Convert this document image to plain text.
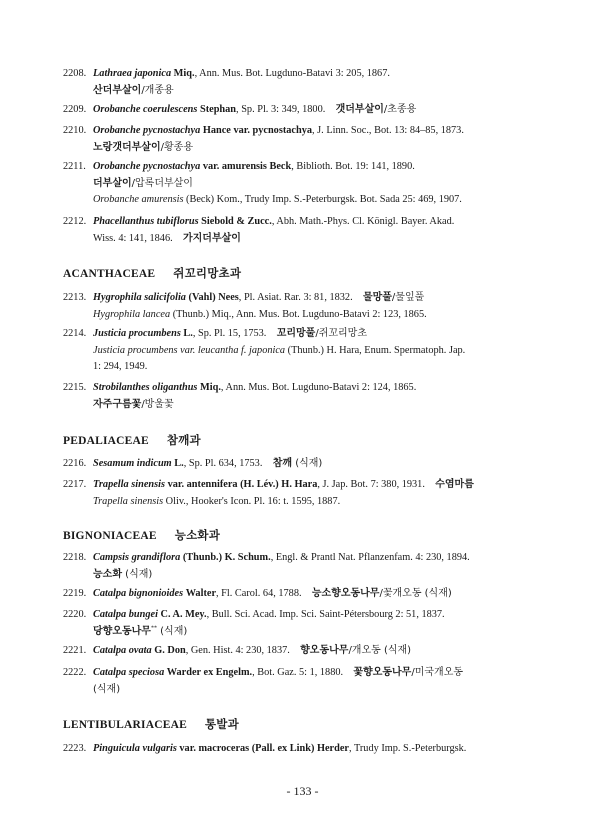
2208. Lathraea japonica Miq., Ann. Mus. Bot. Lugduno-Batavi 3: 205, 1867.
산더부살이/개종용
2209. Orobanche coerulescens Stephan, Sp. Pl. 3: 349, 1800. 갯더부살이/초종용
2210. Orobanche pycnostachya Hance var. pycnostachya, J. Linn. Soc., Bot. 13: 84–85, 1873.
노랑갯더부살이/황종용
2211. Orobanche pycnostachya var. amurensis Beck, Biblioth. Bot. 19: 141, 1890.
더부살이/압록더부살이
Orobanche amurensis (Beck) Kom., Trudy Imp. S.-Peterburgsk. Bot. Sada 25: 469, 1907.
2212. Phacellanthus tubiflorus Siebold & Zucc., Abh. Math.-Phys. Cl. Königl. Bayer. Akad.
Wiss. 4: 141, 1846. 가지더부살이
ACANTHACEAE 쥐꼬리망초과
2213. Hygrophila salicifolia (Vahl) Nees, Pl. Asiat. Rar. 3: 81, 1832. 물망풀/물잎풀
Hygrophila lancea (Thunb.) Miq., Ann. Mus. Bot. Lugduno-Batavi 2: 123, 1865.
2214. Justicia procumbens L., Sp. Pl. 15, 1753. 꼬리망풀/쥐꼬리망초
Justicia procumbens var. leucantha f. japonica (Thunb.) H. Hara, Enum. Spermatoph. Jap.
1: 294, 1949.
2215. Strobilanthes oliganthus Miq., Ann. Mus. Bot. Lugduno-Batavi 2: 124, 1865.
자주구름꽃/방울꽃
PEDALIACEAE 참깨과
2216. Sesamum indicum L., Sp. Pl. 634, 1753. 참깨 (식재)
2217. Trapella sinensis var. antennifera (H. Lév.) H. Hara, J. Jap. Bot. 7: 380, 1931. 수염마름
Trapella sinensis Oliv., Hooker's Icon. Pl. 16: t. 1595, 1887.
BIGNONIACEAE 능소화과
2218. Campsis grandiflora (Thunb.) K. Schum., Engl. & Prantl Nat. Pflanzenfam. 4: 230, 1894.
능소화 (식재)
2219. Catalpa bignonioides Walter, Fl. Carol. 64, 1788. 능소향오동나무/꽃개오동 (식재)
2220. Catalpa bungei C. A. Mey., Bull. Sci. Acad. Imp. Sci. Saint-Pétersbourg 2: 51, 1837.
당향오동나무** (식재)
2221. Catalpa ovata G. Don, Gen. Hist. 4: 230, 1837. 향오동나무/개오동 (식재)
2222. Catalpa speciosa Warder ex Engelm., Bot. Gaz. 5: 1, 1880. 꽃향오동나무/미국개오동
(식재)
LENTIBULARIACEAE 통발과
2223. Pinguicula vulgaris var. macroceras (Pall. ex Link) Herder, Trudy Imp. S.-Peterburgsk.
- 133 -
